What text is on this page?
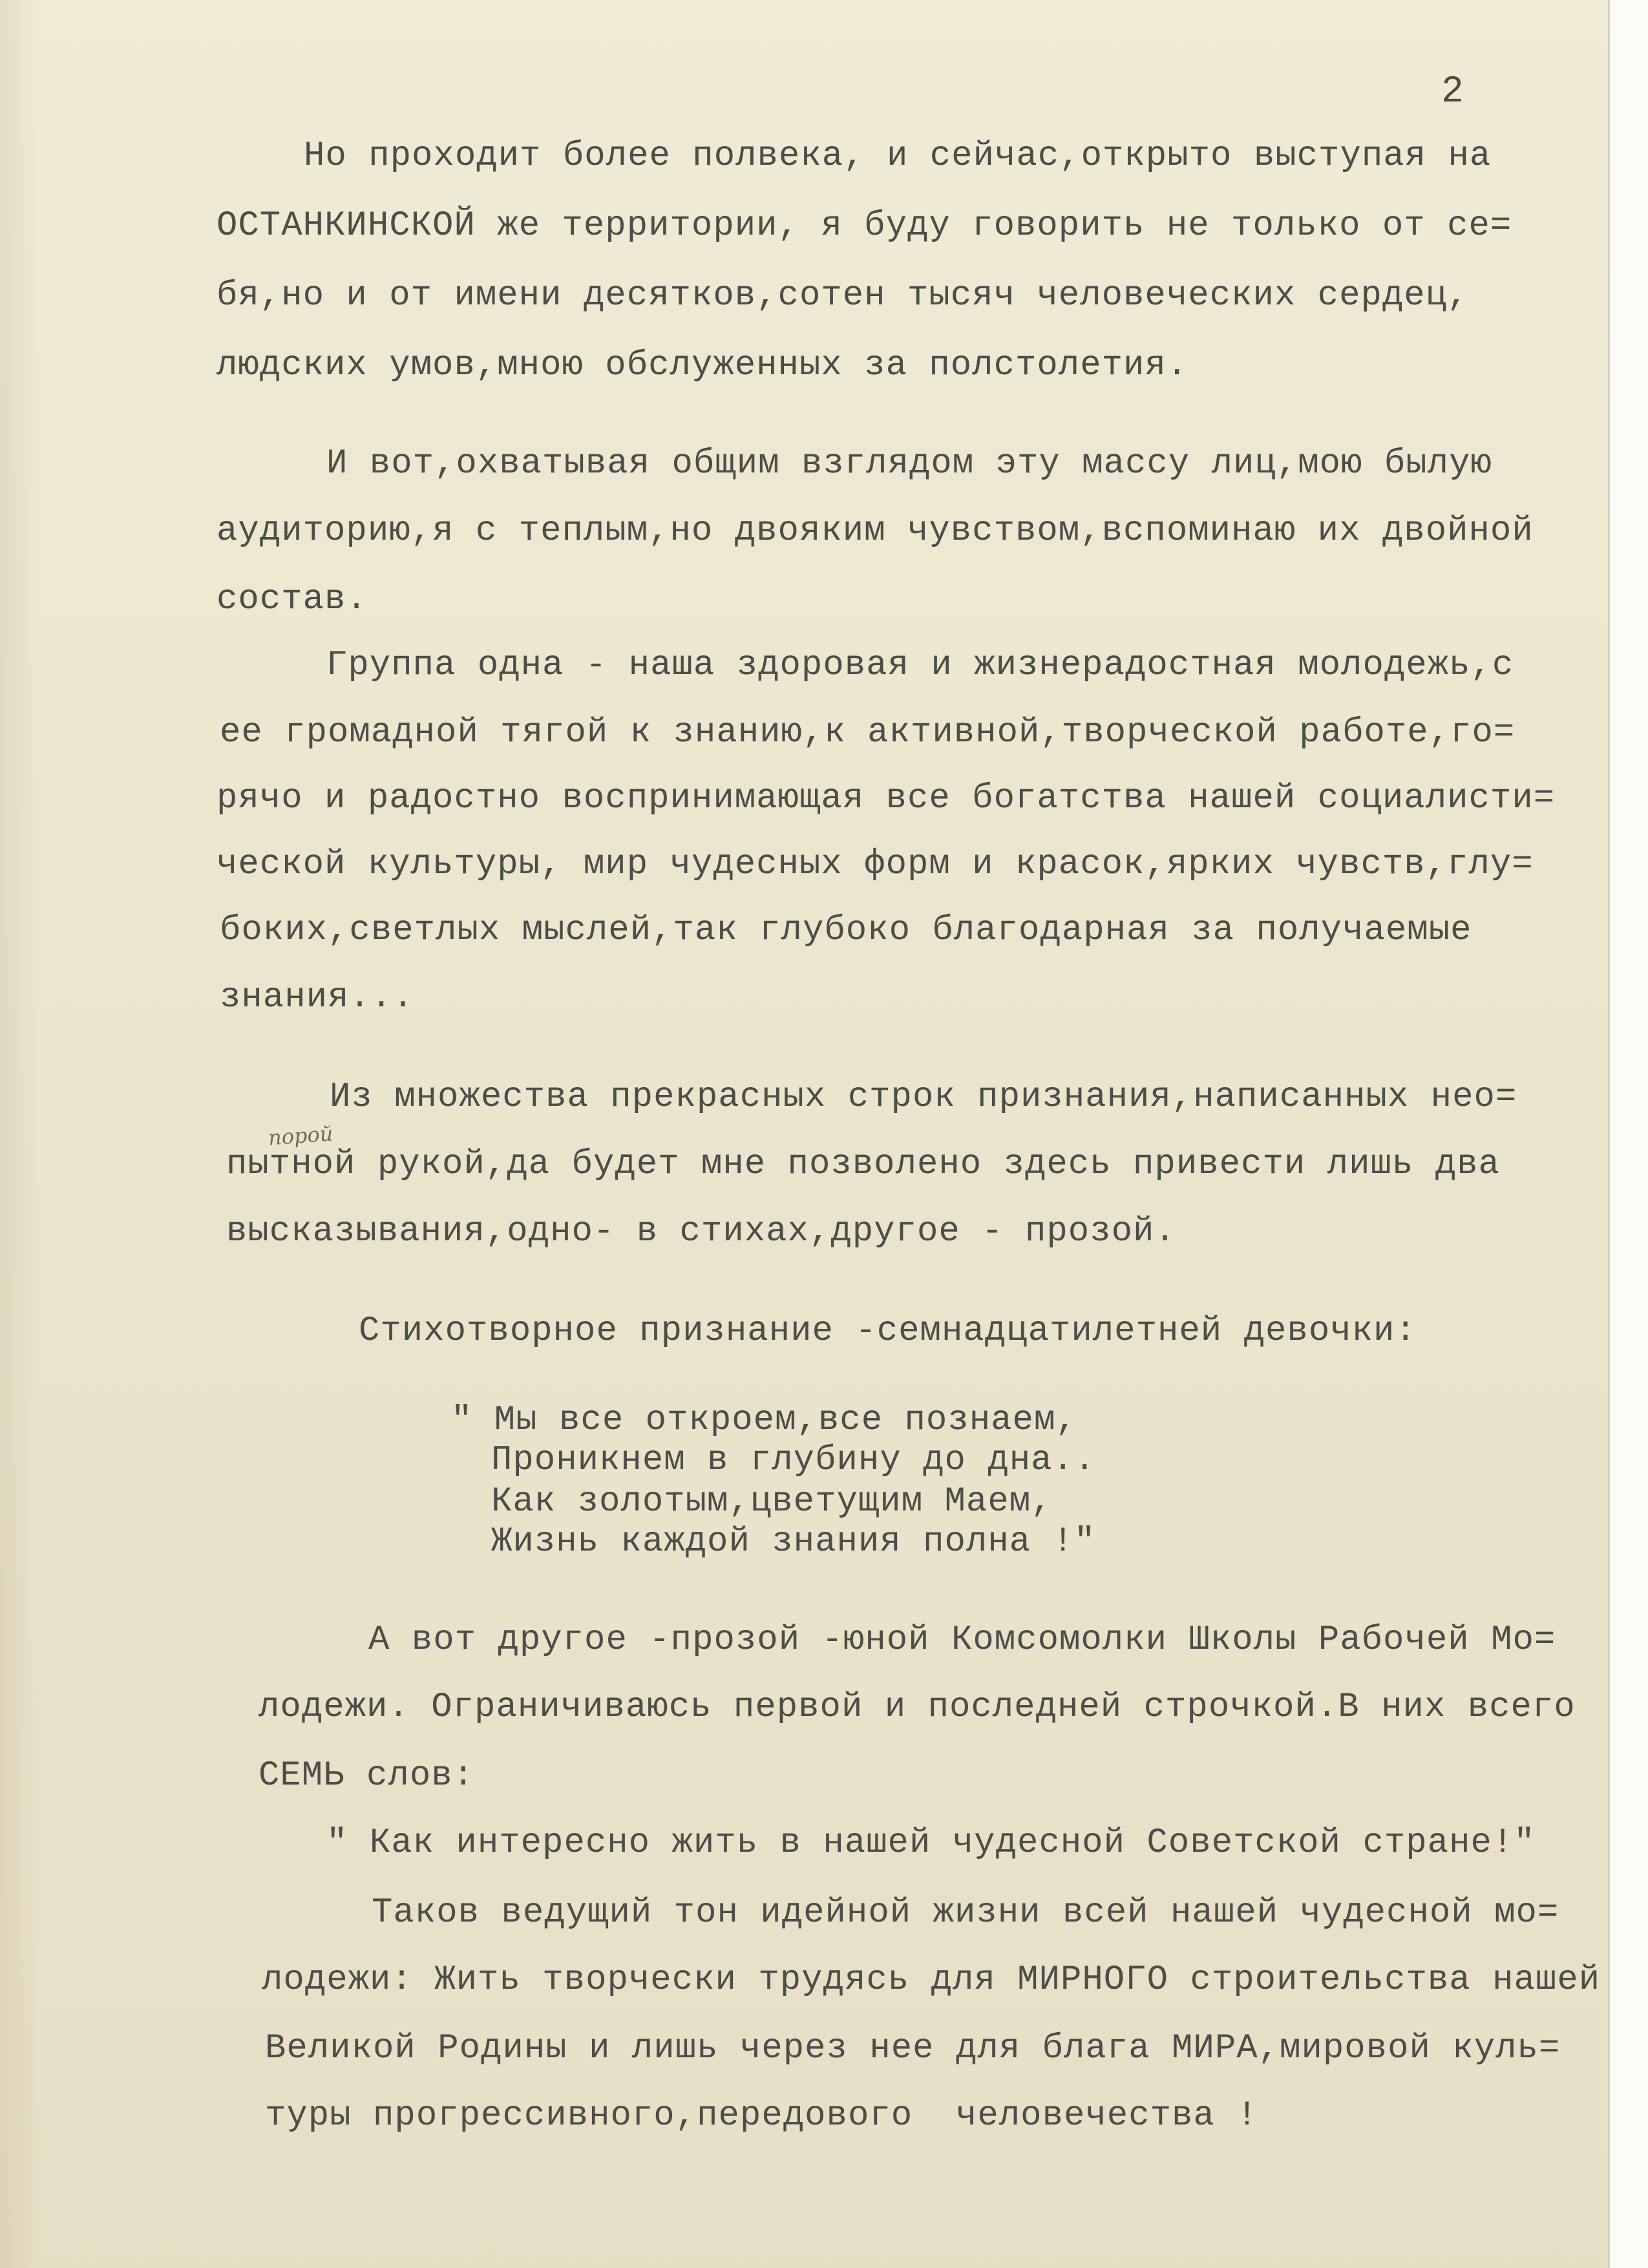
2

Но проходит более полвека, и сейчас,открыто выступая на

ОСТАНКИНСКОЙ же территории, я буду говорить не только от се=

бя,но и от имени десятков,сотен тысяч человеческих сердец,

людских умов,мною обслуженных за полстолетия.

И вот,охватывая общим взглядом эту массу лиц,мою былую

аудиторию,я с теплым,но двояким чувством,вспоминаю их двойной

состав.

Группа одна - наша здоровая и жизнерадостная молодежь,с

ее громадной тягой к знанию,к активной,творческой работе,го=

рячо и радостно воспринимающая все богатства нашей социалисти=

ческой культуры, мир чудесных форм и красок,ярких чувств,глу=

боких,светлых мыслей,так глубоко благодарная за получаемые

знания...

Из множества прекрасных строк признания,написанных нео=

порой

пытной рукой,да будет мне позволено здесь привести лишь два

высказывания,одно- в стихах,другое - прозой.

Стихотворное признание -семнадцатилетней девочки:

" Мы все откроем,все познаем,

Проникнем в глубину до дна..

Как золотым,цветущим Маем,

Жизнь каждой знания полна !"

А вот другое -прозой -юной Комсомолки Школы Рабочей Мо=

лодежи. Ограничиваюсь первой и последней строчкой.В них всего

СЕМЬ слов:

" Как интересно жить в нашей чудесной Советской стране!"

Таков ведущий тон идейной жизни всей нашей чудесной мо=

лодежи: Жить творчески трудясь для МИРНОГО строительства нашей

Великой Родины и лишь через нее для блага МИРА,мировой куль=

туры прогрессивного,передового  человечества !
